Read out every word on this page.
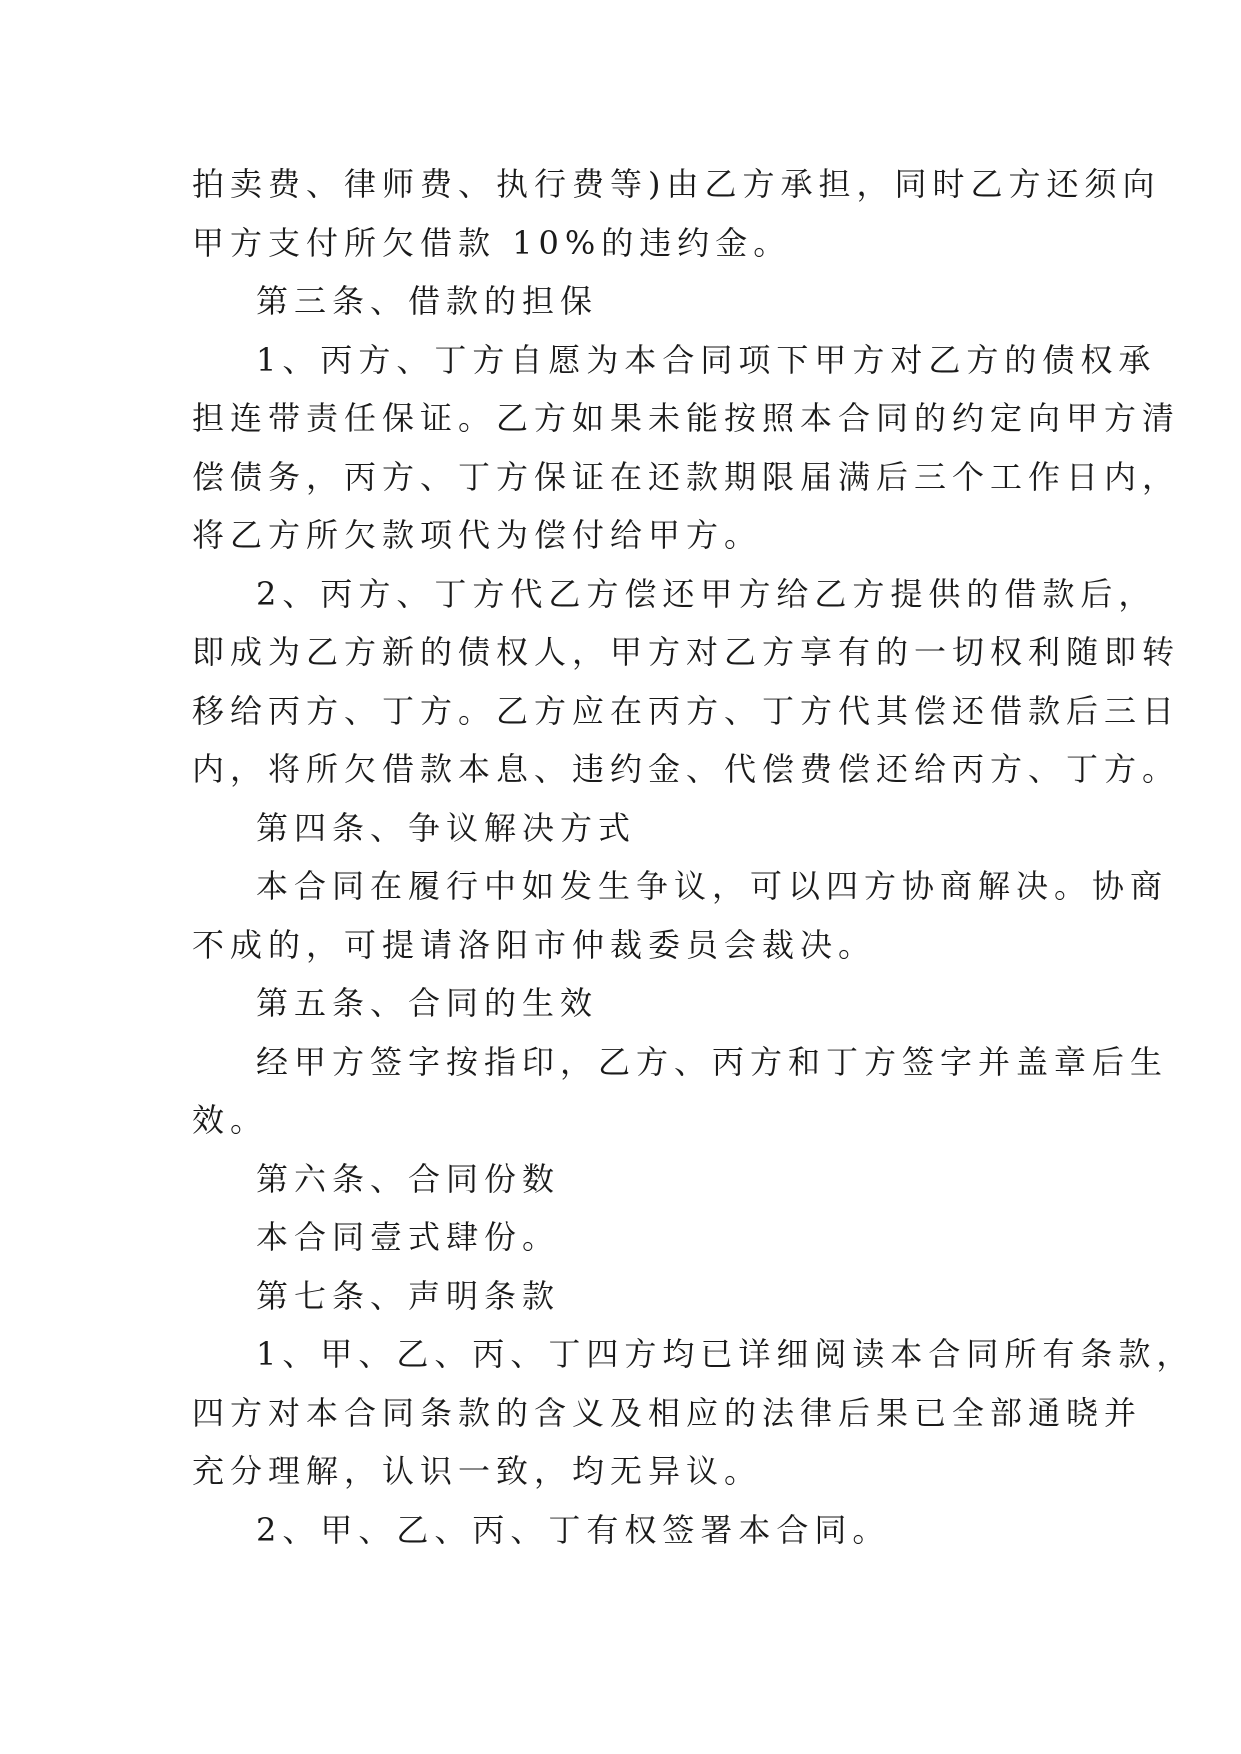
拍卖费、律师费、执行费等)由乙方承担，同时乙方还须向
甲方支付所欠借款 10%的违约金。
第三条、借款的担保
1、丙方、丁方自愿为本合同项下甲方对乙方的债权承
担连带责任保证。乙方如果未能按照本合同的约定向甲方清
偿债务，丙方、丁方保证在还款期限届满后三个工作日内，
将乙方所欠款项代为偿付给甲方。
2、丙方、丁方代乙方偿还甲方给乙方提供的借款后，
即成为乙方新的债权人，甲方对乙方享有的一切权利随即转
移给丙方、丁方。乙方应在丙方、丁方代其偿还借款后三日
内，将所欠借款本息、违约金、代偿费偿还给丙方、丁方。
第四条、争议解决方式
本合同在履行中如发生争议，可以四方协商解决。协商
不成的，可提请洛阳市仲裁委员会裁决。
第五条、合同的生效
经甲方签字按指印，乙方、丙方和丁方签字并盖章后生
效。
第六条、合同份数
本合同壹式肆份。
第七条、声明条款
1、甲、乙、丙、丁四方均已详细阅读本合同所有条款，
四方对本合同条款的含义及相应的法律后果已全部通晓并
充分理解，认识一致，均无异议。
2、甲、乙、丙、丁有权签署本合同。
